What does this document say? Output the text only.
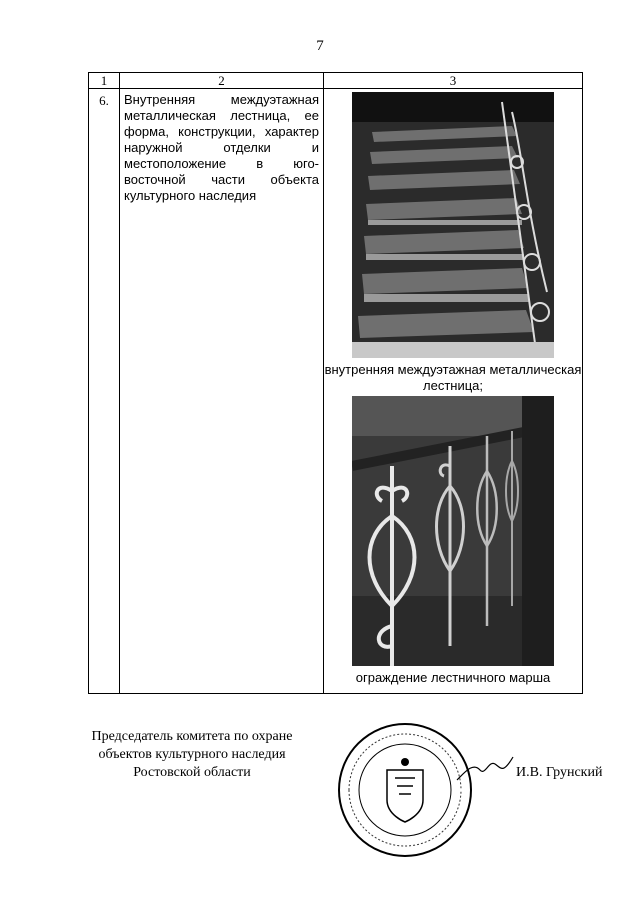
7
1	2	3
6.	Внутренняя междуэтажная металлическая лестница, ее форма, конструкции, характер наружной отделки и местоположение в юго-восточной части объекта культурного наследия	внутренняя междуэтажная металлическая лестница;
ограждение лестничного марша
Председатель комитета по охране объектов культурного наследия Ростовской области	И.В. Грунский
